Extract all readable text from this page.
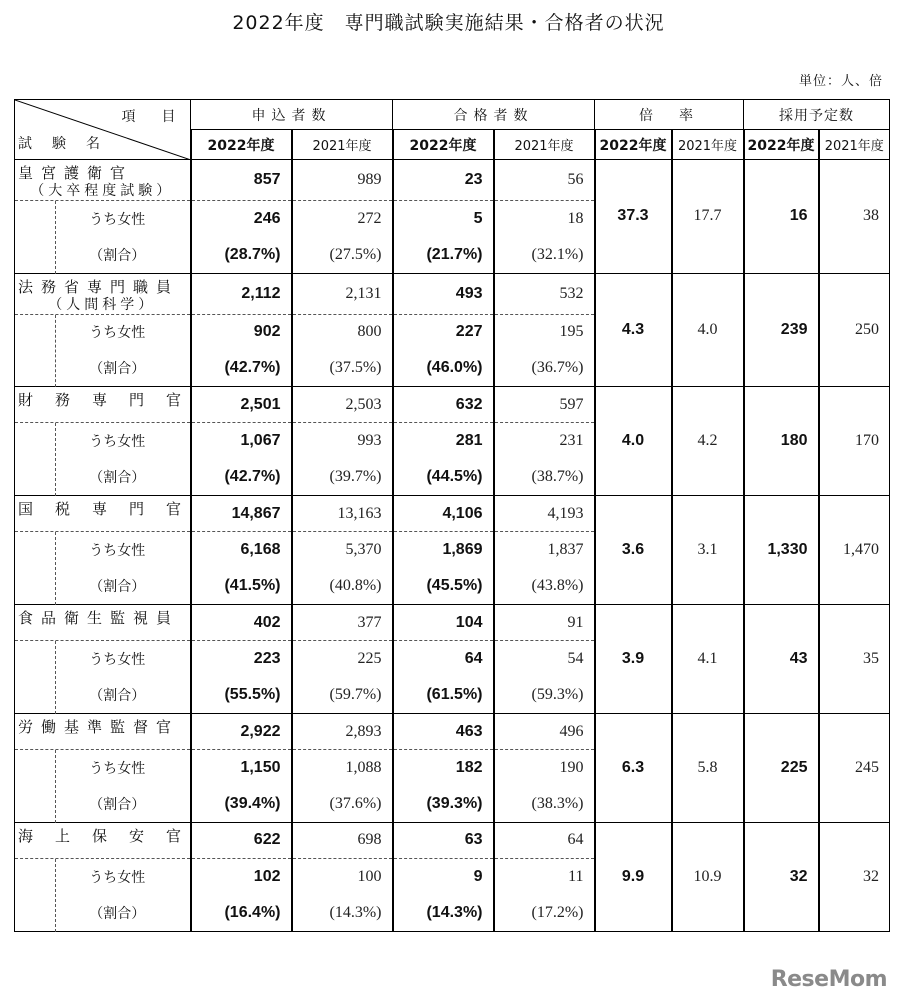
2022年度　専門職試験実施結果・合格者の状況
単位：人、倍
項　目
試　験　名	申込者数		合格者数		倍　率		採用予定数	
	2022年度	2021年度	2022年度	2021年度	2022年度	2021年度	2022年度	2021年度

皇宮護衛官
（大卒程度試験）	857	989	23	56	37.3	17.7	16	38

うち女性	246	272	5	18				

（割合）	(28.7%)	(27.5%)	(21.7%)	(32.1%)				

法務省専門職員
（人間科学）	2,112	2,131	493	532	4.3	4.0	239	250

うち女性	902	800	227	195				

（割合）	(42.7%)	(37.5%)	(46.0%)	(36.7%)				

財務専門官	2,501	2,503	632	597	4.0	4.2	180	170

うち女性	1,067	993	281	231				

（割合）	(42.7%)	(39.7%)	(44.5%)	(38.7%)				

国税専門官	14,867	13,163	4,106	4,193	3.6	3.1	1,330	1,470

うち女性	6,168	5,370	1,869	1,837				

（割合）	(41.5%)	(40.8%)	(45.5%)	(43.8%)				

食品衛生監視員	402	377	104	91	3.9	4.1	43	35

うち女性	223	225	64	54				

（割合）	(55.5%)	(59.7%)	(61.5%)	(59.3%)				

労働基準監督官	2,922	2,893	463	496	6.3	5.8	225	245

うち女性	1,150	1,088	182	190				

（割合）	(39.4%)	(37.6%)	(39.3%)	(38.3%)				

海上保安官	622	698	63	64	9.9	10.9	32	32

うち女性	102	100	9	11				

（割合）	(16.4%)	(14.3%)	(14.3%)	(17.2%)				
ReseMom
